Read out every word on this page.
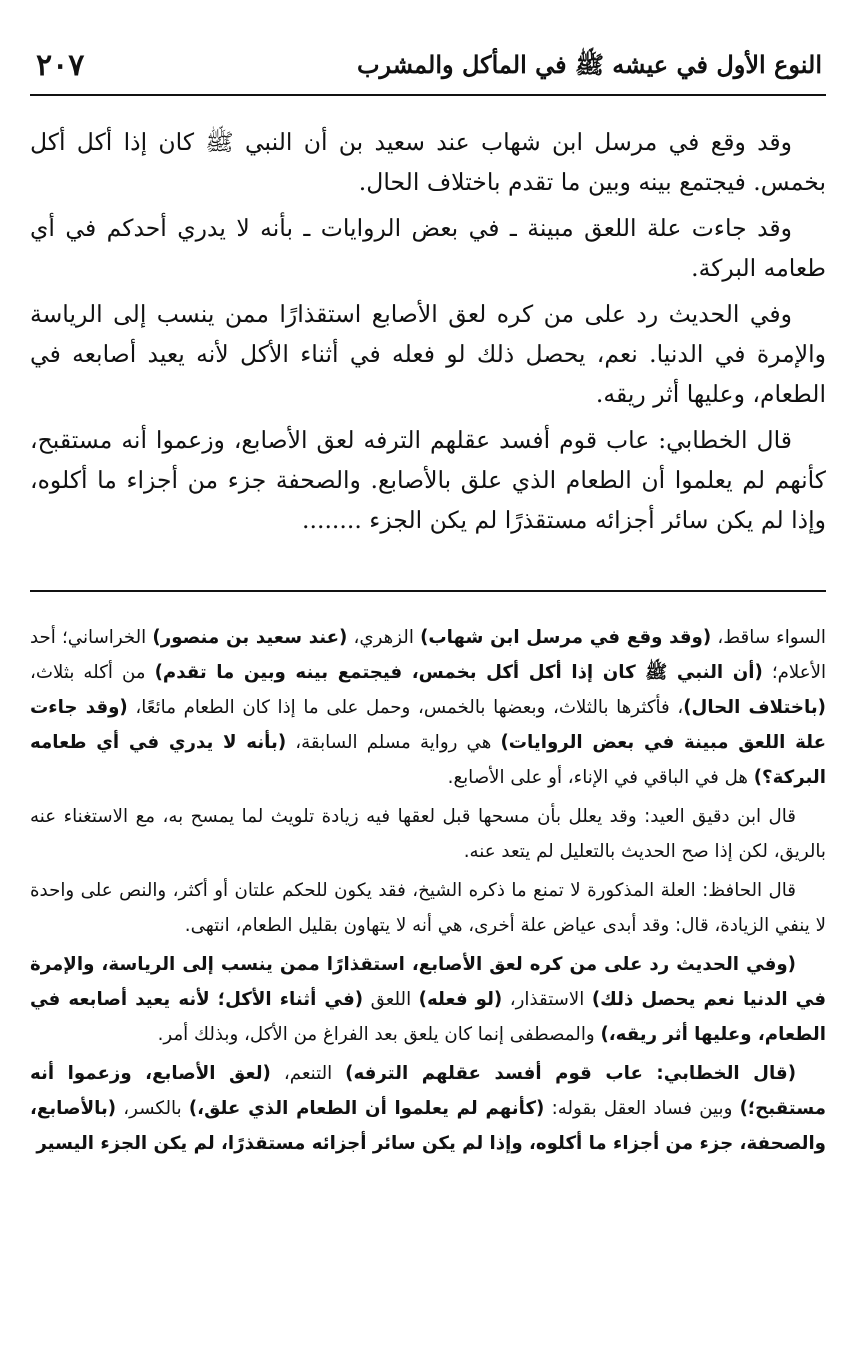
٢٠٧	النوع الأول في عيشه ﷺ في المأكل والمشرب

وقد وقع في مرسل ابن شهاب عند سعيد بن أن النبي ﷺ كان إذا أكل أكل بخمس. فيجتمع بينه وبين ما تقدم باختلاف الحال.

وقد جاءت علة اللعق مبينة ـ في بعض الروايات ـ بأنه لا يدري أحدكم في أي طعامه البركة.

وفي الحديث رد على من كره لعق الأصابع استقذارًا ممن ينسب إلى الرياسة والإمرة في الدنيا. نعم، يحصل ذلك لو فعله في أثناء الأكل لأنه يعيد أصابعه في الطعام، وعليها أثر ريقه.

قال الخطابي: عاب قوم أفسد عقلهم الترفه لعق الأصابع، وزعموا أنه مستقبح، كأنهم لم يعلموا أن الطعام الذي علق بالأصابع. والصحفة جزء من أجزاء ما أكلوه، وإذا لم يكن سائر أجزائه مستقذرًا لم يكن الجزء ........

السواء ساقط، (وقد وقع في مرسل ابن شهاب) الزهري، (عند سعيد بن منصور) الخراساني؛ أحد الأعلام؛ (أن النبي ﷺ كان إذا أكل أكل بخمس، فيجتمع بينه وبين ما تقدم) من أكله بثلاث، (باختلاف الحال)، فأكثرها بالثلاث، وبعضها بالخمس، وحمل على ما إذا كان الطعام مائعًا، (وقد جاءت علة اللعق مبينة في بعض الروايات) هي رواية مسلم السابقة، (بأنه لا يدري في أي طعامه البركة؟) هل في الباقي في الإناء، أو على الأصابع.

قال ابن دقيق العيد: وقد يعلل بأن مسحها قبل لعقها فيه زيادة تلويث لما يمسح به، مع الاستغناء عنه بالريق، لكن إذا صح الحديث بالتعليل لم يتعد عنه.

قال الحافظ: العلة المذكورة لا تمنع ما ذكره الشيخ، فقد يكون للحكم علتان أو أكثر، والنص على واحدة لا ينفي الزيادة، قال: وقد أبدى عياض علة أخرى، هي أنه لا يتهاون بقليل الطعام، انتهى.

(وفي الحديث رد على من كره لعق الأصابع، استقذارًا ممن ينسب إلى الرياسة، والإمرة في الدنيا نعم يحصل ذلك) الاستقذار، (لو فعله) اللعق (في أثناء الأكل؛ لأنه يعيد أصابعه في الطعام، وعليها أثر ريقه،) والمصطفى إنما كان يلعق بعد الفراغ من الأكل، وبذلك أمر.

(قال الخطابي: عاب قوم أفسد عقلهم الترفه) التنعم، (لعق الأصابع، وزعموا أنه مستقبح؛) وبين فساد العقل بقوله: (كأنهم لم يعلموا أن الطعام الذي علق،) بالكسر، (بالأصابع، والصحفة، جزء من أجزاء ما أكلوه، وإذا لم يكن سائر أجزائه مستقذرًا، لم يكن الجزء اليسير
